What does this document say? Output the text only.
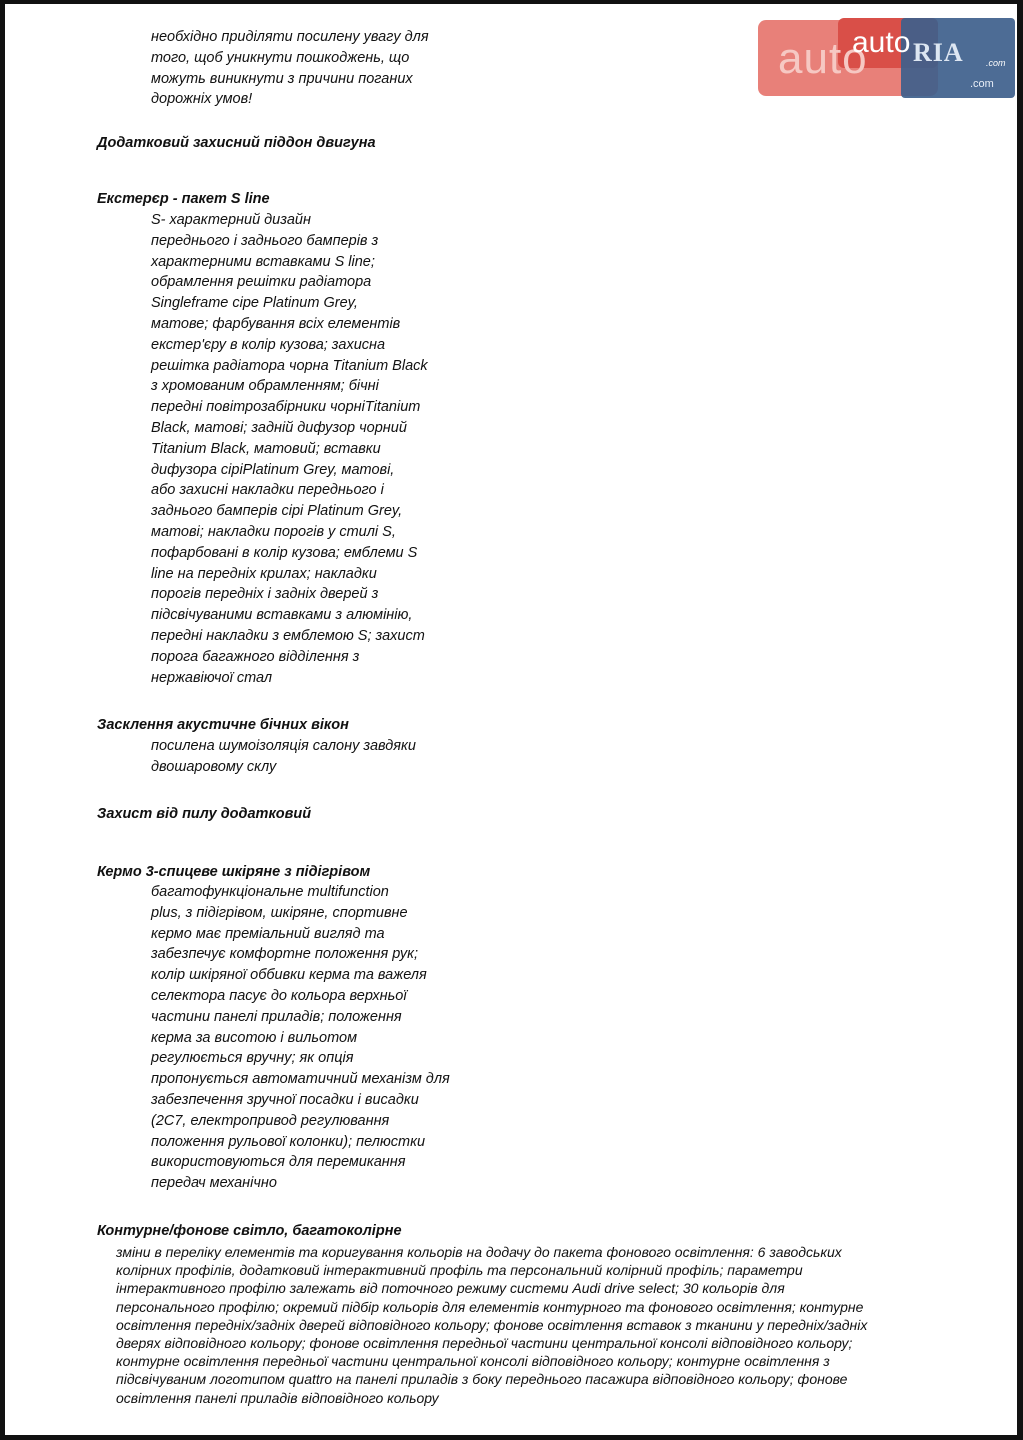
необхідно приділяти посилену увагу для
того, щоб уникнути пошкоджень, що
можуть виникнути з причини поганих
дорожніх умов!
Додатковий захисний піддон двигуна
Екстерєр - пакет S line
S- характерний дизайн
переднього і заднього бамперів з
характерними вставками S line;
обрамлення решітки радіатора
Singleframe сіре Platinum Grey,
матове; фарбування всіх елементів
екстер'єру в колір кузова; захисна
решітка радіатора чорна Titanium Black
з хромованим обрамленням; бічні
передні повітрозабірники чорніTitanium
Black, матові; задній дифузор чорний
Titanium Black, матовий; вставки
дифузора сіріPlatinum Grey, матові,
або захисні накладки переднього і
заднього бамперів сірі Platinum Grey,
матові; накладки порогів у стилі S,
пофарбовані в колір кузова; емблеми S
line на передніх крилах; накладки
порогів передніх і задніх дверей з
підсвічуваними вставками з алюмінію,
передні накладки з емблемою S; захист
порога багажного відділення з
нержавіючої стал
Засклення акустичне бічних вікон
посилена шумоізоляція салону завдяки
двошаровому склу
Захист від пилу додатковий
Кермо 3-спицеве шкіряне з підігрівом
багатофункціональне multifunction
plus, з підігрівом, шкіряне, спортивне
кермо має преміальний вигляд та
забезпечує комфортне положення рук;
колір шкіряної оббивки керма та важеля
селектора пасує до кольора верхньої
частини панелі приладів; положення
керма за висотою і вильотом
регулюється вручну; як опція
пропонується автоматичний механізм для
забезпечення зручної посадки і висадки
(2C7, електропривод регулювання
положення рульової колонки); пелюстки
використовуються для перемикання
передач механічно
Контурне/фонове світло, багатоколірне
зміни в переліку елементів та коригування кольорів на додачу до пакета фонового освітлення: 6 заводських
колірних профілів, додатковий інтерактивний профіль та персональний колірний профіль; параметри
інтерактивного профілю залежать від поточного режиму системи Audi drive select; 30 кольорів для
персонального профілю; окремий підбір кольорів для елементів контурного та фонового освітлення; контурне
освітлення передніх/задніх дверей відповідного кольору; фонове освітлення вставок з тканини у передніх/задніх
дверях відповідного кольору; фонове освітлення передньої частини центральної консолі відповідного кольору;
контурне освітлення передньої частини центральної консолі відповідного кольору; контурне освітлення з
підсвічуваним логотипом quattro на панелі приладів з боку переднього пасажира відповідного кольору; фонове
освітлення панелі приладів відповідного кольору
auto
auto RIA .com
.com
